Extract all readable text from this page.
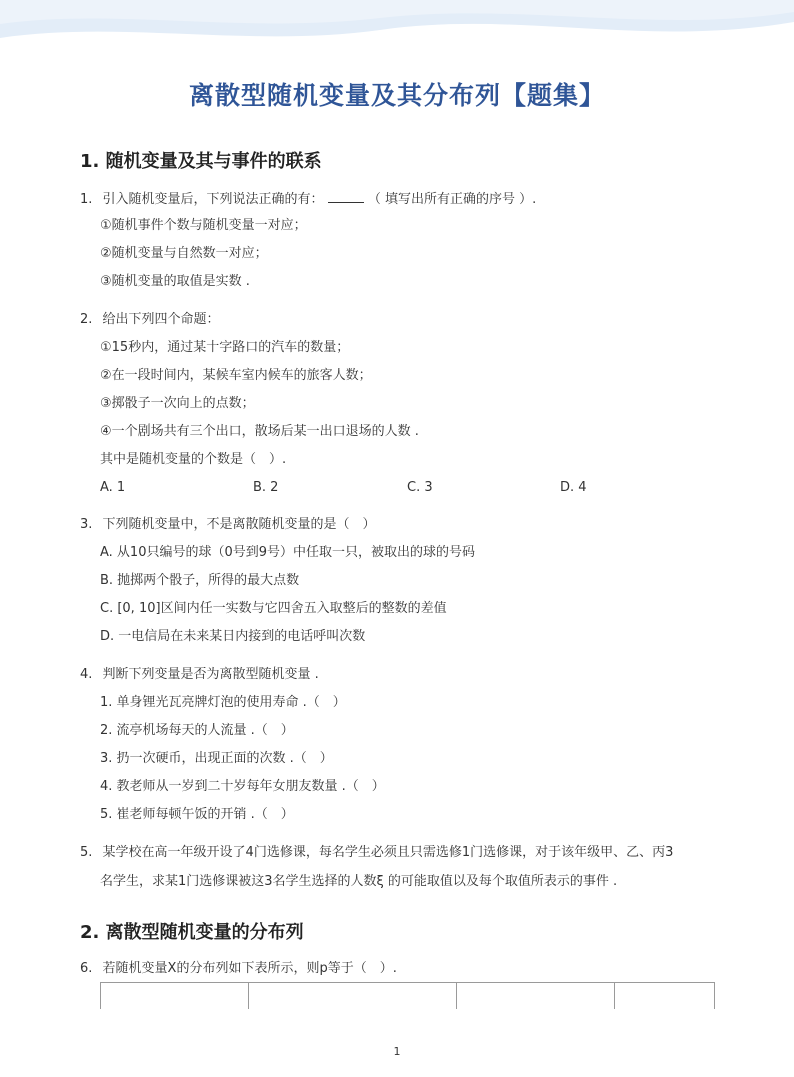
离散型随机变量及其分布列【题集】
1. 随机变量及其与事件的联系
1. 引入随机变量后，下列说法正确的有：	（ 填写出所有正确的序号 ）.
①随机事件个数与随机变量一对应；
②随机变量与自然数一对应；
③随机变量的取值是实数 .
2. 给出下列四个命题：
①15秒内，通过某十字路口的汽车的数量；
②在一段时间内，某候车室内候车的旅客人数；
③掷骰子一次向上的点数；
④一个剧场共有三个出口，散场后某一出口退场的人数 .
其中是随机变量的个数是（　）.
A. 1	B. 2	C. 3	D. 4
3. 下列随机变量中，不是离散随机变量的是（　）
A. 从10只编号的球（0号到9号）中任取一只，被取出的球的号码
B. 抛掷两个骰子，所得的最大点数
C. [0, 10]区间内任一实数与它四舍五入取整后的整数的差值
D. 一电信局在未来某日内接到的电话呼叫次数
4. 判断下列变量是否为离散型随机变量 .
1. 单身锂光瓦亮牌灯泡的使用寿命 .（　）
2. 流亭机场每天的人流量 .（　）
3. 扔一次硬币，出现正面的次数 .（　）
4. 教老师从一岁到二十岁每年女朋友数量 .（　）
5. 崔老师每顿午饭的开销 .（　）
5. 某学校在高一年级开设了4门选修课，每名学生必须且只需选修1门选修课，对于该年级甲、乙、丙3
名学生，求某1门选修课被这3名学生选择的人数ξ 的可能取值以及每个取值所表示的事件 .
2. 离散型随机变量的分布列
6. 若随机变量X的分布列如下表所示，则p等于（　）.
1
